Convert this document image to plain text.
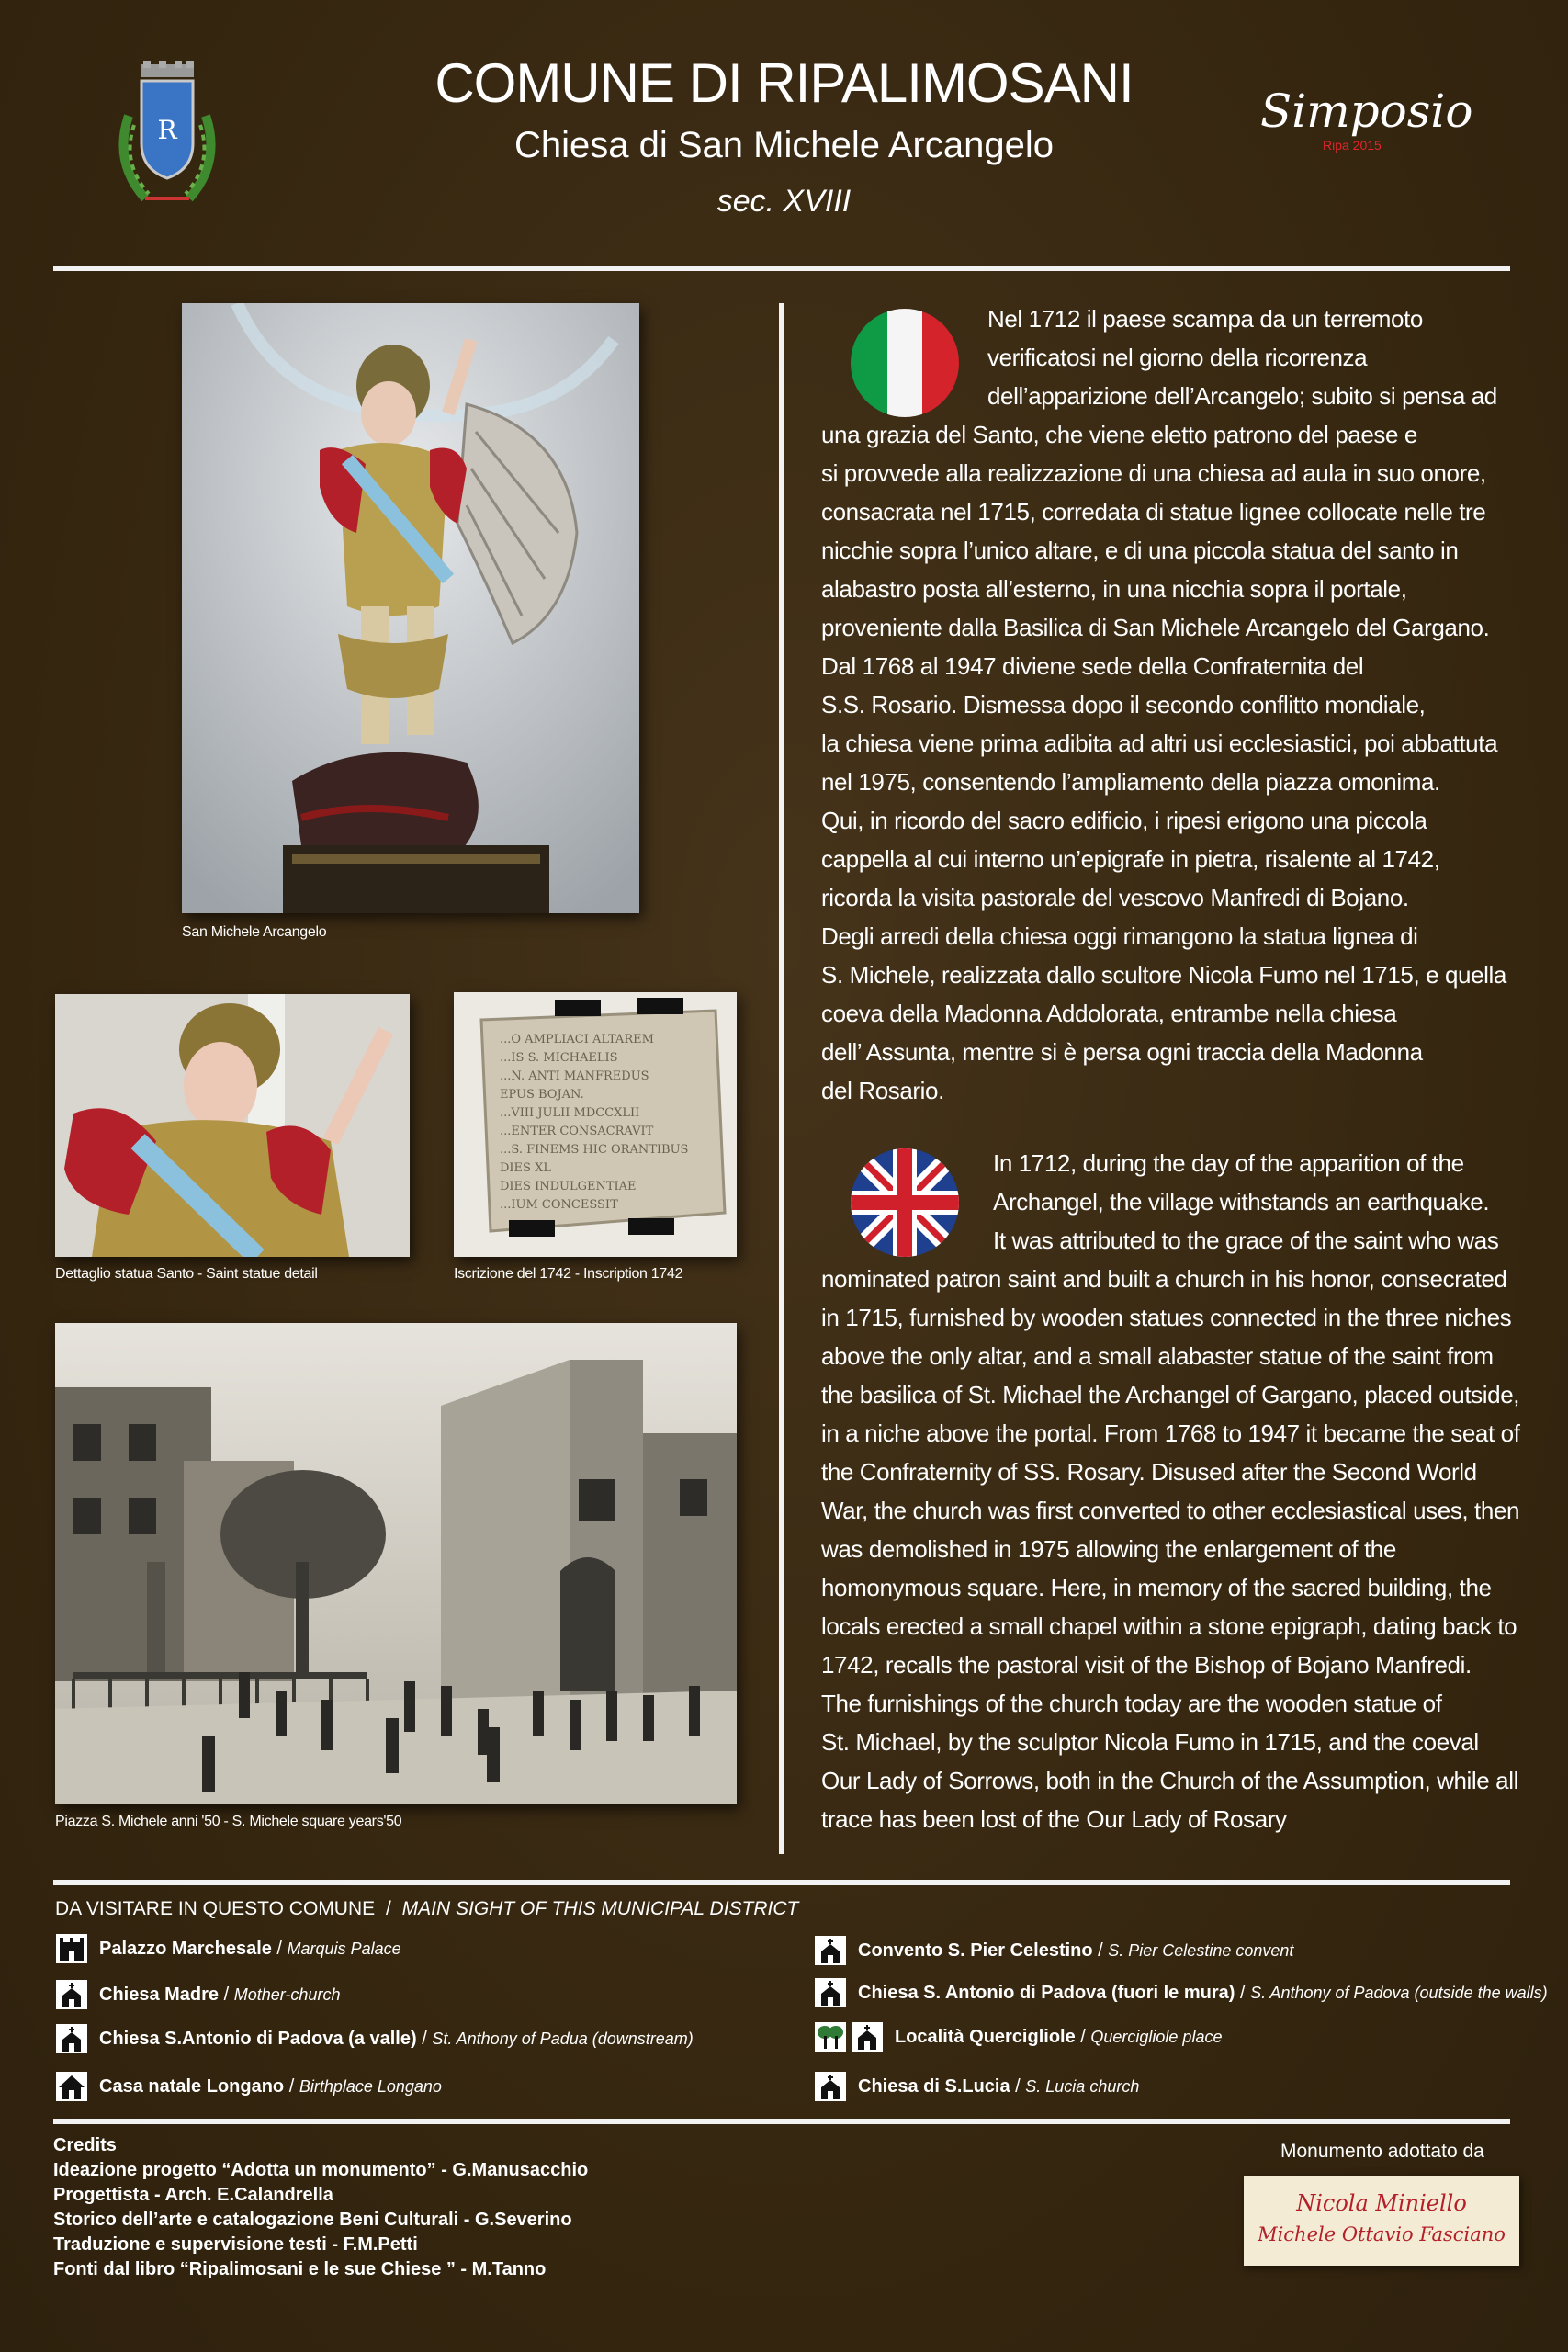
R
COMUNE DI RIPALIMOSANI
Chiesa di San Michele Arcangelo
sec. XVIII
Simposio
Ripa 2015
San Michele Arcangelo
Dettaglio statua Santo - Saint statue detail
...O AMPLIACI ALTAREM
...IS S. MICHAELIS
...N. ANTI MANFREDUS
EPUS BOJAN.
...VIII JULII MDCCXLII
...ENTER CONSACRAVIT
...S. FINEMS HIC ORANTIBUS
DIES XL
DIES INDULGENTIAE
...IUM CONCESSIT
Iscrizione del 1742 - Inscription 1742
Piazza S. Michele anni '50 - S. Michele square years'50
Nel 1712 il paese scampa da un terremoto
verificatosi nel giorno della ricorrenza
dell’apparizione dell’Arcangelo; subito si pensa ad
una grazia del Santo, che viene eletto patrono del paese e
si provvede alla realizzazione di una chiesa ad aula in suo onore,
consacrata nel 1715, corredata di statue lignee collocate nelle tre
nicchie sopra l’unico altare, e di una piccola statua del santo in
alabastro posta all’esterno, in una nicchia sopra il portale,
proveniente dalla Basilica di San Michele Arcangelo del Gargano.
Dal 1768 al 1947 diviene sede della Confraternita del
S.S. Rosario. Dismessa dopo il secondo conflitto mondiale,
la chiesa viene prima adibita ad altri usi ecclesiastici, poi abbattuta
nel 1975, consentendo l’ampliamento della piazza omonima.
Qui, in ricordo del sacro edificio, i ripesi erigono una piccola
cappella al cui interno un’epigrafe in pietra, risalente al 1742,
ricorda la visita pastorale del vescovo Manfredi di Bojano.
Degli arredi della chiesa oggi rimangono la statua lignea di
S. Michele, realizzata dallo scultore Nicola Fumo nel 1715, e quella
coeva della Madonna Addolorata, entrambe nella chiesa
dell’ Assunta, mentre si è persa ogni traccia della Madonna
del Rosario.
In 1712, during the day of the apparition of the
Archangel, the village withstands an earthquake.
It was attributed to the grace of the saint who was
nominated patron saint and built a church in his honor, consecrated
in 1715, furnished by wooden statues connected in the three niches
above the only altar, and a small alabaster statue of the saint from
the basilica of St. Michael the Archangel of Gargano, placed outside,
in a niche above the portal. From 1768 to 1947 it became the seat of
the Confraternity of SS. Rosary. Disused after the Second World
War, the church was first converted to other ecclesiastical uses, then
was demolished in 1975 allowing the enlargement of the
homonymous square. Here, in memory of the sacred building, the
locals erected a small chapel within a stone epigraph, dating back to
1742, recalls the pastoral visit of the Bishop of Bojano Manfredi.
The furnishings of the church today are the wooden statue of
St. Michael, by the sculptor Nicola Fumo in 1715, and the coeval
Our Lady of Sorrows, both in the Church of the Assumption, while all
trace has been lost of the Our Lady of Rosary
DA VISITARE IN QUESTO COMUNE / MAIN SIGHT OF THIS MUNICIPAL DISTRICT
Palazzo Marchesale / Marquis Palace
Chiesa Madre / Mother-church
Chiesa S.Antonio di Padova (a valle) / St. Anthony of Padua (downstream)
Casa natale Longano / Birthplace Longano
Convento S. Pier Celestino / S. Pier Celestine convent
Chiesa S. Antonio di Padova (fuori le mura) / S. Anthony of Padova (outside the walls)
Località Quercigliole / Quercigliole place
Chiesa di S.Lucia / S. Lucia church
Credits
Ideazione progetto “Adotta un monumento” - G.Manusacchio
Progettista - Arch. E.Calandrella
Storico dell’arte e catalogazione Beni Culturali - G.Severino
Traduzione e supervisione testi - F.M.Petti
Fonti dal libro “Ripalimosani e le sue Chiese ” - M.Tanno
Monumento adottato da
Nicola Miniello
Michele Ottavio Fasciano
